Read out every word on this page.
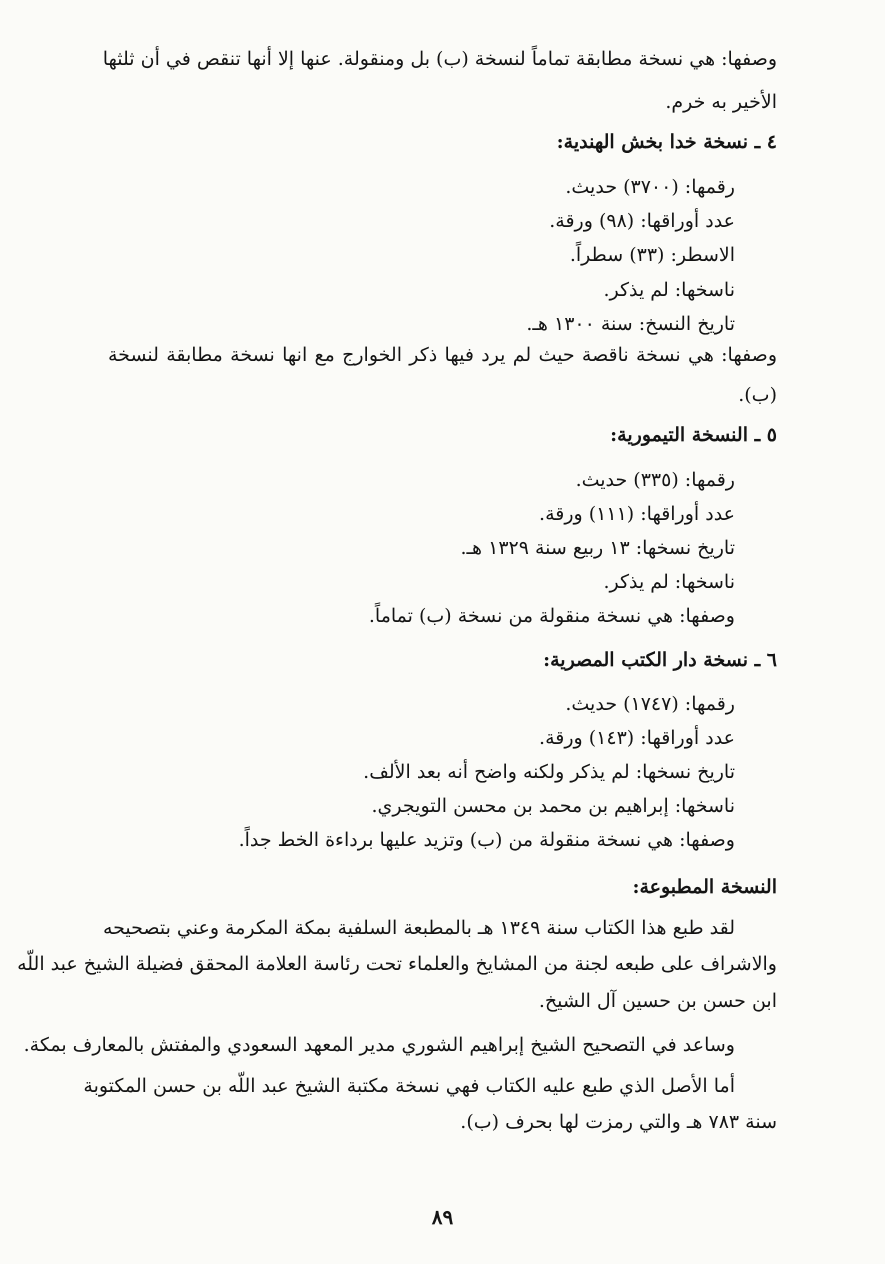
وصفها: هي نسخة مطابقة تماماً لنسخة (ب) بل ومنقولة. عنها إلا أنها تنقص في أن ثلثها

الأخير به خرم.

٤ ـ نسخة خدا بخش الهندية:

رقمها: (٣٧٠٠) حديث.

عدد أوراقها: (٩٨) ورقة.

الاسطر: (٣٣) سطراً.

ناسخها: لم يذكر.

تاريخ النسخ: سنة ١٣٠٠ هـ.

وصفها: هي نسخة ناقصة حيث لم يرد فيها ذكر الخوارج مع انها نسخة مطابقة لنسخة

(ب).

٥ ـ النسخة التيمورية:

رقمها: (٣٣٥) حديث.

عدد أوراقها: (١١١) ورقة.

تاريخ نسخها: ١٣ ربيع سنة ١٣٢٩ هـ.

ناسخها: لم يذكر.

وصفها: هي نسخة منقولة من نسخة (ب) تماماً.

٦ ـ نسخة دار الكتب المصرية:

رقمها: (١٧٤٧) حديث.

عدد أوراقها: (١٤٣) ورقة.

تاريخ نسخها: لم يذكر ولكنه واضح أنه بعد الألف.

ناسخها: إبراهيم بن محمد بن محسن التويجري.

وصفها: هي نسخة منقولة من (ب) وتزيد عليها برداءة الخط جداً.

النسخة المطبوعة:

لقد طبع هذا الكتاب سنة ١٣٤٩ هـ بالمطبعة السلفية بمكة المكرمة وعني بتصحيحه

والاشراف على طبعه لجنة من المشايخ والعلماء تحت رئاسة العلامة المحقق فضيلة الشيخ عبد اللّه

ابن حسن بن حسين آل الشيخ.

وساعد في التصحيح الشيخ إبراهيم الشوري مدير المعهد السعودي والمفتش بالمعارف بمكة.

أما الأصل الذي طبع عليه الكتاب فهي نسخة مكتبة الشيخ عبد اللّه بن حسن المكتوبة

سنة ٧٨٣ هـ والتي رمزت لها بحرف (ب).

٨٩
